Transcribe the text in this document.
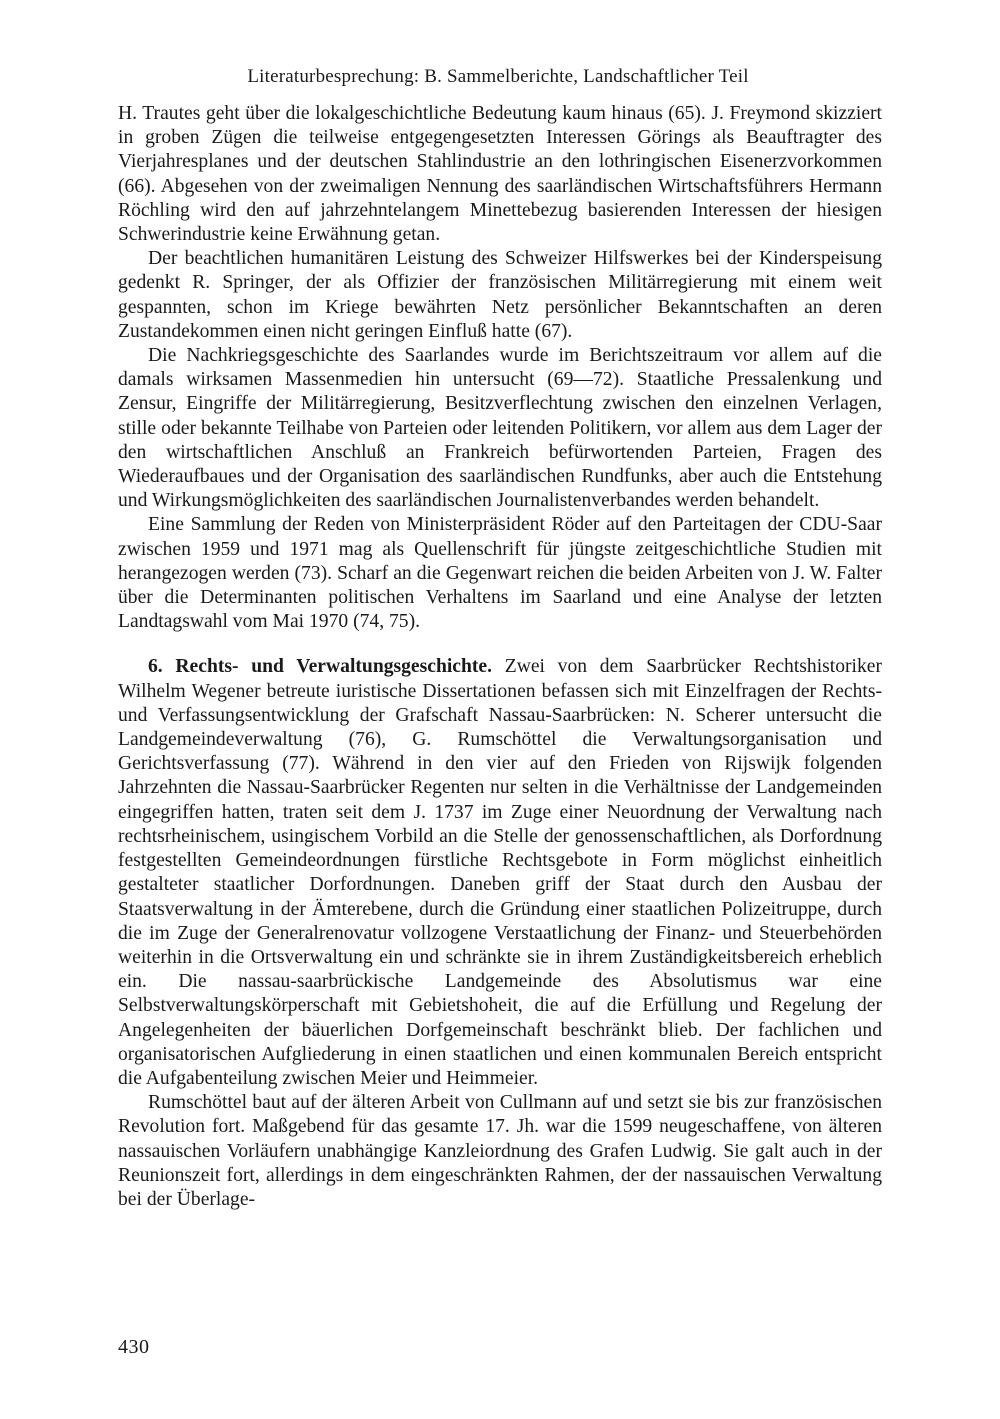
Literaturbesprechung: B. Sammelberichte, Landschaftlicher Teil

H. Trautes geht über die lokalgeschichtliche Bedeutung kaum hinaus (65). J. Freymond skizziert in groben Zügen die teilweise entgegengesetzten Interessen Görings als Beauftragter des Vierjahresplanes und der deutschen Stahlindustrie an den lothringischen Eisenerzvorkommen (66). Abgesehen von der zweimaligen Nennung des saarländischen Wirtschaftsführers Hermann Röchling wird den auf jahrzehntelangem Minettebezug basierenden Interessen der hiesigen Schwerindustrie keine Erwähnung getan.

Der beachtlichen humanitären Leistung des Schweizer Hilfswerkes bei der Kinderspeisung gedenkt R. Springer, der als Offizier der französischen Militärregierung mit einem weit gespannten, schon im Kriege bewährten Netz persönlicher Bekanntschaften an deren Zustandekommen einen nicht geringen Einfluß hatte (67).

Die Nachkriegsgeschichte des Saarlandes wurde im Berichtszeitraum vor allem auf die damals wirksamen Massenmedien hin untersucht (69—72). Staatliche Pressalenkung und Zensur, Eingriffe der Militärregierung, Besitzverflechtung zwischen den einzelnen Verlagen, stille oder bekannte Teilhabe von Parteien oder leitenden Politikern, vor allem aus dem Lager der den wirtschaftlichen Anschluß an Frankreich befürwortenden Parteien, Fragen des Wiederaufbaues und der Organisation des saarländischen Rundfunks, aber auch die Entstehung und Wirkungsmöglichkeiten des saarländischen Journalistenverbandes werden behandelt.

Eine Sammlung der Reden von Ministerpräsident Röder auf den Parteitagen der CDU-Saar zwischen 1959 und 1971 mag als Quellenschrift für jüngste zeitgeschichtliche Studien mit herangezogen werden (73). Scharf an die Gegenwart reichen die beiden Arbeiten von J. W. Falter über die Determinanten politischen Verhaltens im Saarland und eine Analyse der letzten Landtagswahl vom Mai 1970 (74, 75).

6. Rechts- und Verwaltungsgeschichte. Zwei von dem Saarbrücker Rechtshistoriker Wilhelm Wegener betreute iuristische Dissertationen befassen sich mit Einzelfragen der Rechts- und Verfassungsentwicklung der Grafschaft Nassau-Saarbrücken: N. Scherer untersucht die Landgemeindeverwaltung (76), G. Rumschöttel die Verwaltungsorganisation und Gerichtsverfassung (77). Während in den vier auf den Frieden von Rijswijk folgenden Jahrzehnten die Nassau-Saarbrücker Regenten nur selten in die Verhältnisse der Landgemeinden eingegriffen hatten, traten seit dem J. 1737 im Zuge einer Neuordnung der Verwaltung nach rechtsrheinischem, usingischem Vorbild an die Stelle der genossenschaftlichen, als Dorfordnung festgestellten Gemeindeordnungen fürstliche Rechtsgebote in Form möglichst einheitlich gestalteter staatlicher Dorfordnungen. Daneben griff der Staat durch den Ausbau der Staatsverwaltung in der Ämterebene, durch die Gründung einer staatlichen Polizeitruppe, durch die im Zuge der Generalrenovatur vollzogene Verstaatlichung der Finanz- und Steuerbehörden weiterhin in die Ortsverwaltung ein und schränkte sie in ihrem Zuständigkeitsbereich erheblich ein. Die nassau-saarbrückische Landgemeinde des Absolutismus war eine Selbstverwaltungskörperschaft mit Gebietshoheit, die auf die Erfüllung und Regelung der Angelegenheiten der bäuerlichen Dorfgemeinschaft beschränkt blieb. Der fachlichen und organisatorischen Aufgliederung in einen staatlichen und einen kommunalen Bereich entspricht die Aufgabenteilung zwischen Meier und Heimmeier.

Rumschöttel baut auf der älteren Arbeit von Cullmann auf und setzt sie bis zur französischen Revolution fort. Maßgebend für das gesamte 17. Jh. war die 1599 neugeschaffene, von älteren nassauischen Vorläufern unabhängige Kanzleiordnung des Grafen Ludwig. Sie galt auch in der Reunionszeit fort, allerdings in dem eingeschränkten Rahmen, der der nassauischen Verwaltung bei der Überlage-

430
